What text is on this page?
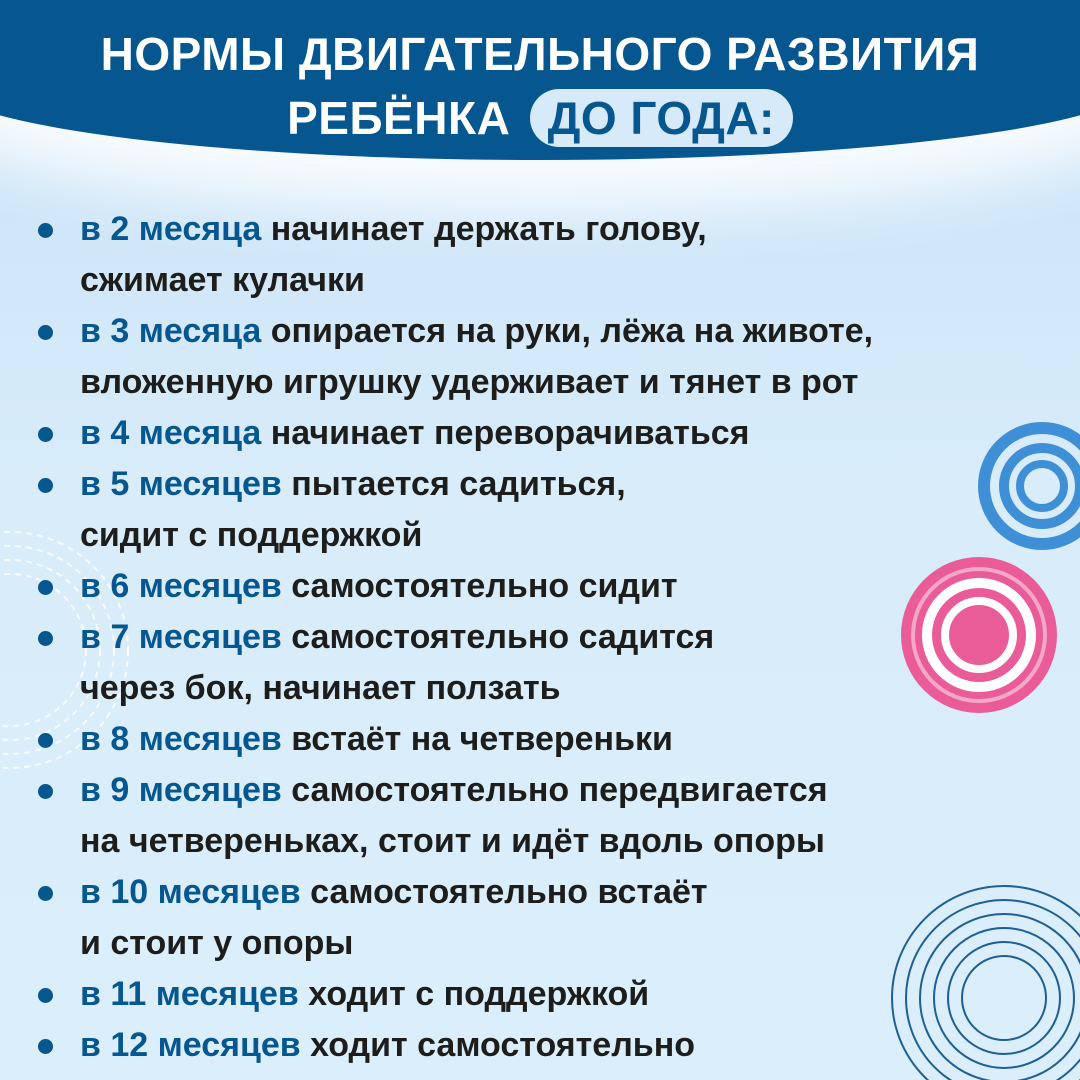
НОРМЫ ДВИГАТЕЛЬНОГО РАЗВИТИЯ
РЕБЁНКА ДО ГОДА:
в 2 месяца начинает держать голову,
сжимает кулачки
в 3 месяца опирается на руки, лёжа на животе,
вложенную игрушку удерживает и тянет в рот
в 4 месяца начинает переворачиваться
в 5 месяцев пытается садиться,
сидит с поддержкой
в 6 месяцев самостоятельно сидит
в 7 месяцев самостоятельно садится
через бок, начинает ползать
в 8 месяцев встаёт на четвереньки
в 9 месяцев самостоятельно передвигается
на четвереньках, стоит и идёт вдоль опоры
в 10 месяцев самостоятельно встаёт
и стоит у опоры
в 11 месяцев ходит с поддержкой
в 12 месяцев ходит самостоятельно
